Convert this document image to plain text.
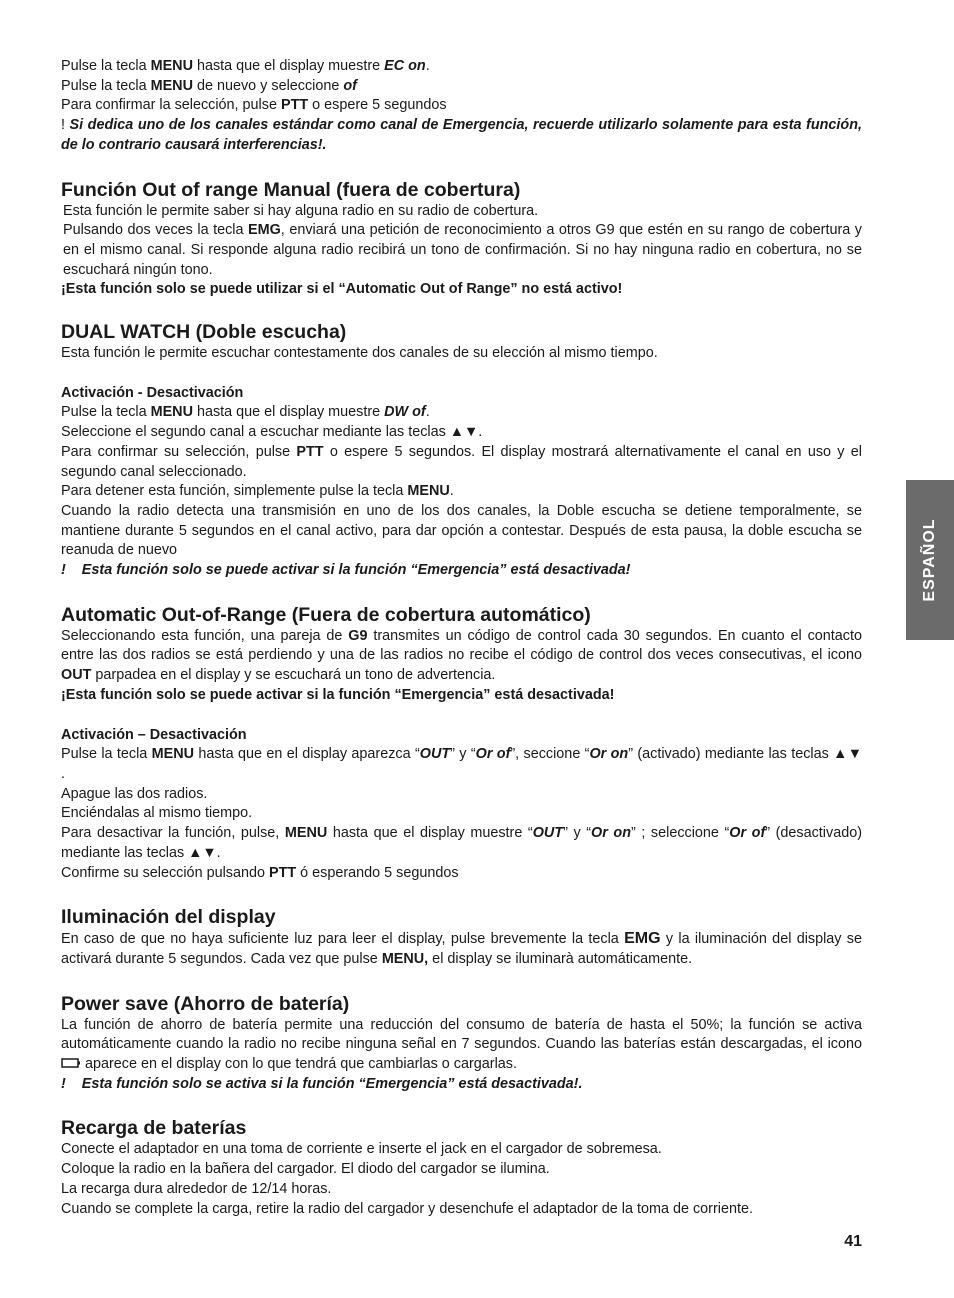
ESPAÑOL

Pulse la tecla MENU hasta que el display muestre EC on.

Pulse la tecla MENU de nuevo y seleccione of

Para confirmar la selección, pulse PTT o espere 5 segundos

! Si dedica uno de los canales estándar como canal de Emergencia, recuerde utilizarlo solamente para esta función, de lo contrario causará interferencias!.

Función Out of range Manual (fuera de cobertura)

Esta función le permite saber si hay alguna radio en su radio de cobertura.

Pulsando dos veces la tecla EMG, enviará una petición de reconocimiento a otros G9 que estén en su rango de cobertura y en el mismo canal. Si responde alguna radio recibirá un tono de confirmación. Si no hay ninguna radio en cobertura, no se escuchará ningún tono.

¡Esta función solo se puede utilizar si el “Automatic Out of Range” no está activo!

DUAL WATCH (Doble escucha)

Esta función le permite escuchar contestamente dos canales de su elección al mismo tiempo.

Activación - Desactivación

Pulse la tecla MENU hasta que el display muestre DW of.

Seleccione el segundo canal a escuchar mediante las teclas ▲▼.

Para confirmar su selección, pulse PTT o espere 5 segundos. El display mostrará alternativamente el canal en uso y el segundo canal seleccionado.

Para detener esta función, simplemente pulse la tecla MENU.

Cuando la radio detecta una transmisión en uno de los dos canales, la Doble escucha se detiene temporalmente, se mantiene durante 5 segundos en el canal activo, para dar opción a contestar. Después de esta pausa, la doble escucha se reanuda de nuevo

! Esta función solo se puede activar si la función “Emergencia” está desactivada!

Automatic Out-of-Range (Fuera de cobertura automático)

Seleccionando esta función, una pareja de G9 transmites un código de control cada 30 segundos. En cuanto el contacto entre las dos radios se está perdiendo y una de las radios no recibe el código de control dos veces consecutivas, el icono OUT parpadea en el display y se escuchará un tono de advertencia.

¡Esta función solo se puede activar si la función “Emergencia” está desactivada!

Activación – Desactivación

Pulse la tecla MENU hasta que en el display aparezca “OUT” y “Or of”, seccione “Or on” (activado) mediante las teclas ▲▼ .

Apague las dos radios.

Enciéndalas al mismo tiempo.

Para desactivar la función, pulse, MENU hasta que el display muestre “OUT” y “Or on” ; seleccione “Or of” (desactivado) mediante las teclas ▲▼.

Confirme su selección pulsando PTT ó esperando 5 segundos

Iluminación del display

En caso de que no haya suficiente luz para leer el display, pulse brevemente la tecla EMG y la iluminación del display se activará durante 5 segundos. Cada vez que pulse MENU, el display se iluminarà automáticamente.

Power save (Ahorro de batería)

La función de ahorro de batería permite una reducción del consumo de batería de hasta el 50%; la función se activa automáticamente cuando la radio no recibe ninguna señal en 7 segundos. Cuando las baterías están descargadas, el icono  aparece en el display con lo que tendrá que cambiarlas o cargarlas.

! Esta función solo se activa si la función “Emergencia” está desactivada!.

Recarga de baterías

Conecte el adaptador en una toma de corriente e inserte el jack en el cargador de sobremesa.

Coloque la radio en la bañera del cargador. El diodo del cargador se ilumina.

La recarga dura alrededor de 12/14 horas.

Cuando se complete la carga, retire la radio del cargador y desenchufe el adaptador de la toma de corriente.

41
